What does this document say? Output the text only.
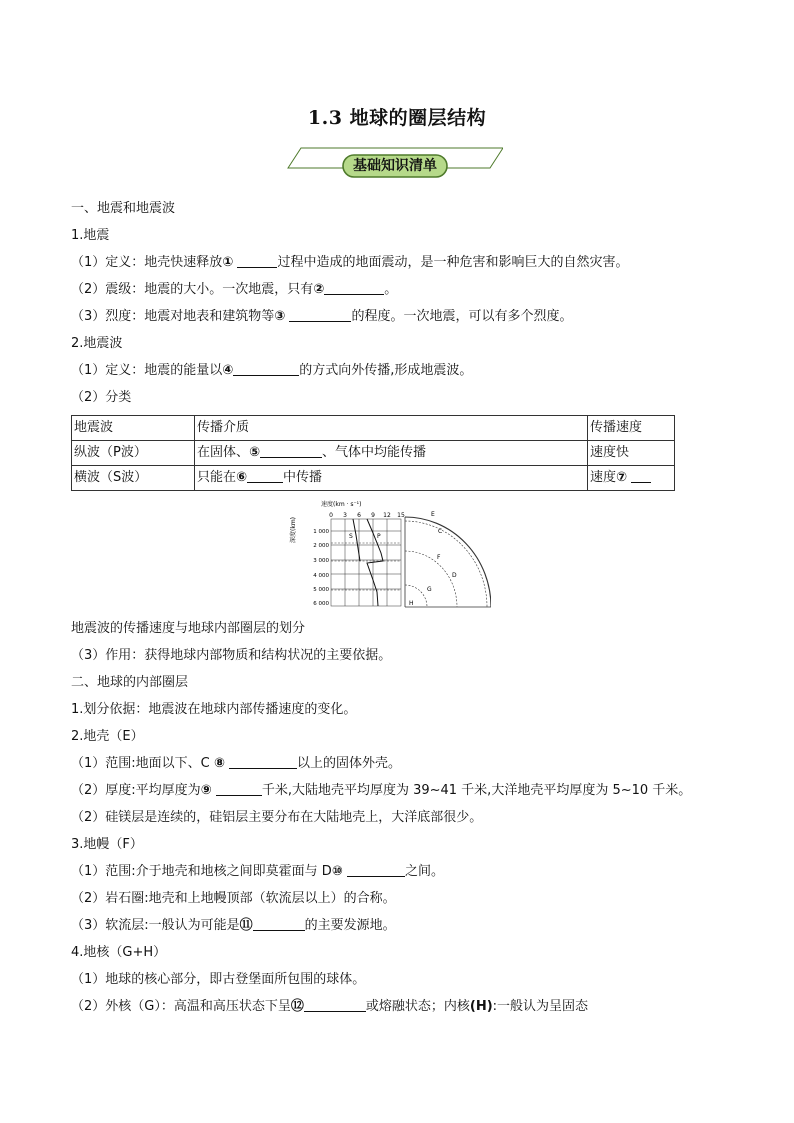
1.3 地球的圈层结构
基础知识清单
一、地震和地震波
1.地震
（1）定义：地壳快速释放①	过程中造成的地面震动，是一种危害和影响巨大的自然灾害。
（2）震级：地震的大小。一次地震，只有②	。
（3）烈度：地震对地表和建筑物等③	的程度。一次地震，可以有多个烈度。
2.地震波
（1）定义：地震的能量以④	的方式向外传播,形成地震波。
（2）分类
地震波	传播介质	传播速度
纵波（P波）	在固体、⑤ 、气体中均能传播	速度快
横波（S波）	只能在⑥ 中传播	速度⑦
速度(km · s⁻¹)
深度(km)
0 3 6 9 12 15
1 000
2 000
3 000
4 000
5 000
6 000
S	P
E
C
F
D
G
H
地震波的传播速度与地球内部圈层的划分
（3）作用：获得地球内部物质和结构状况的主要依据。
二、地球的内部圈层
1.划分依据：地震波在地球内部传播速度的变化。
2.地壳（E）
（1）范围:地面以下、C ⑧	以上的固体外壳。
（2）厚度:平均厚度为⑨	千米,大陆地壳平均厚度为 39~41 千米,大洋地壳平均厚度为 5~10 千米。
（2）硅镁层是连续的，硅铝层主要分布在大陆地壳上，大洋底部很少。
3.地幔（F）
（1）范围:介于地壳和地核之间即莫霍面与 D⑩	之间。
（2）岩石圈:地壳和上地幔顶部（软流层以上）的合称。
（3）软流层:一般认为可能是⑪	的主要发源地。
4.地核（G+H）
（1）地球的核心部分，即古登堡面所包围的球体。
（2）外核（G）：高温和高压状态下呈⑫	或熔融状态；内核(H):一般认为呈固态
